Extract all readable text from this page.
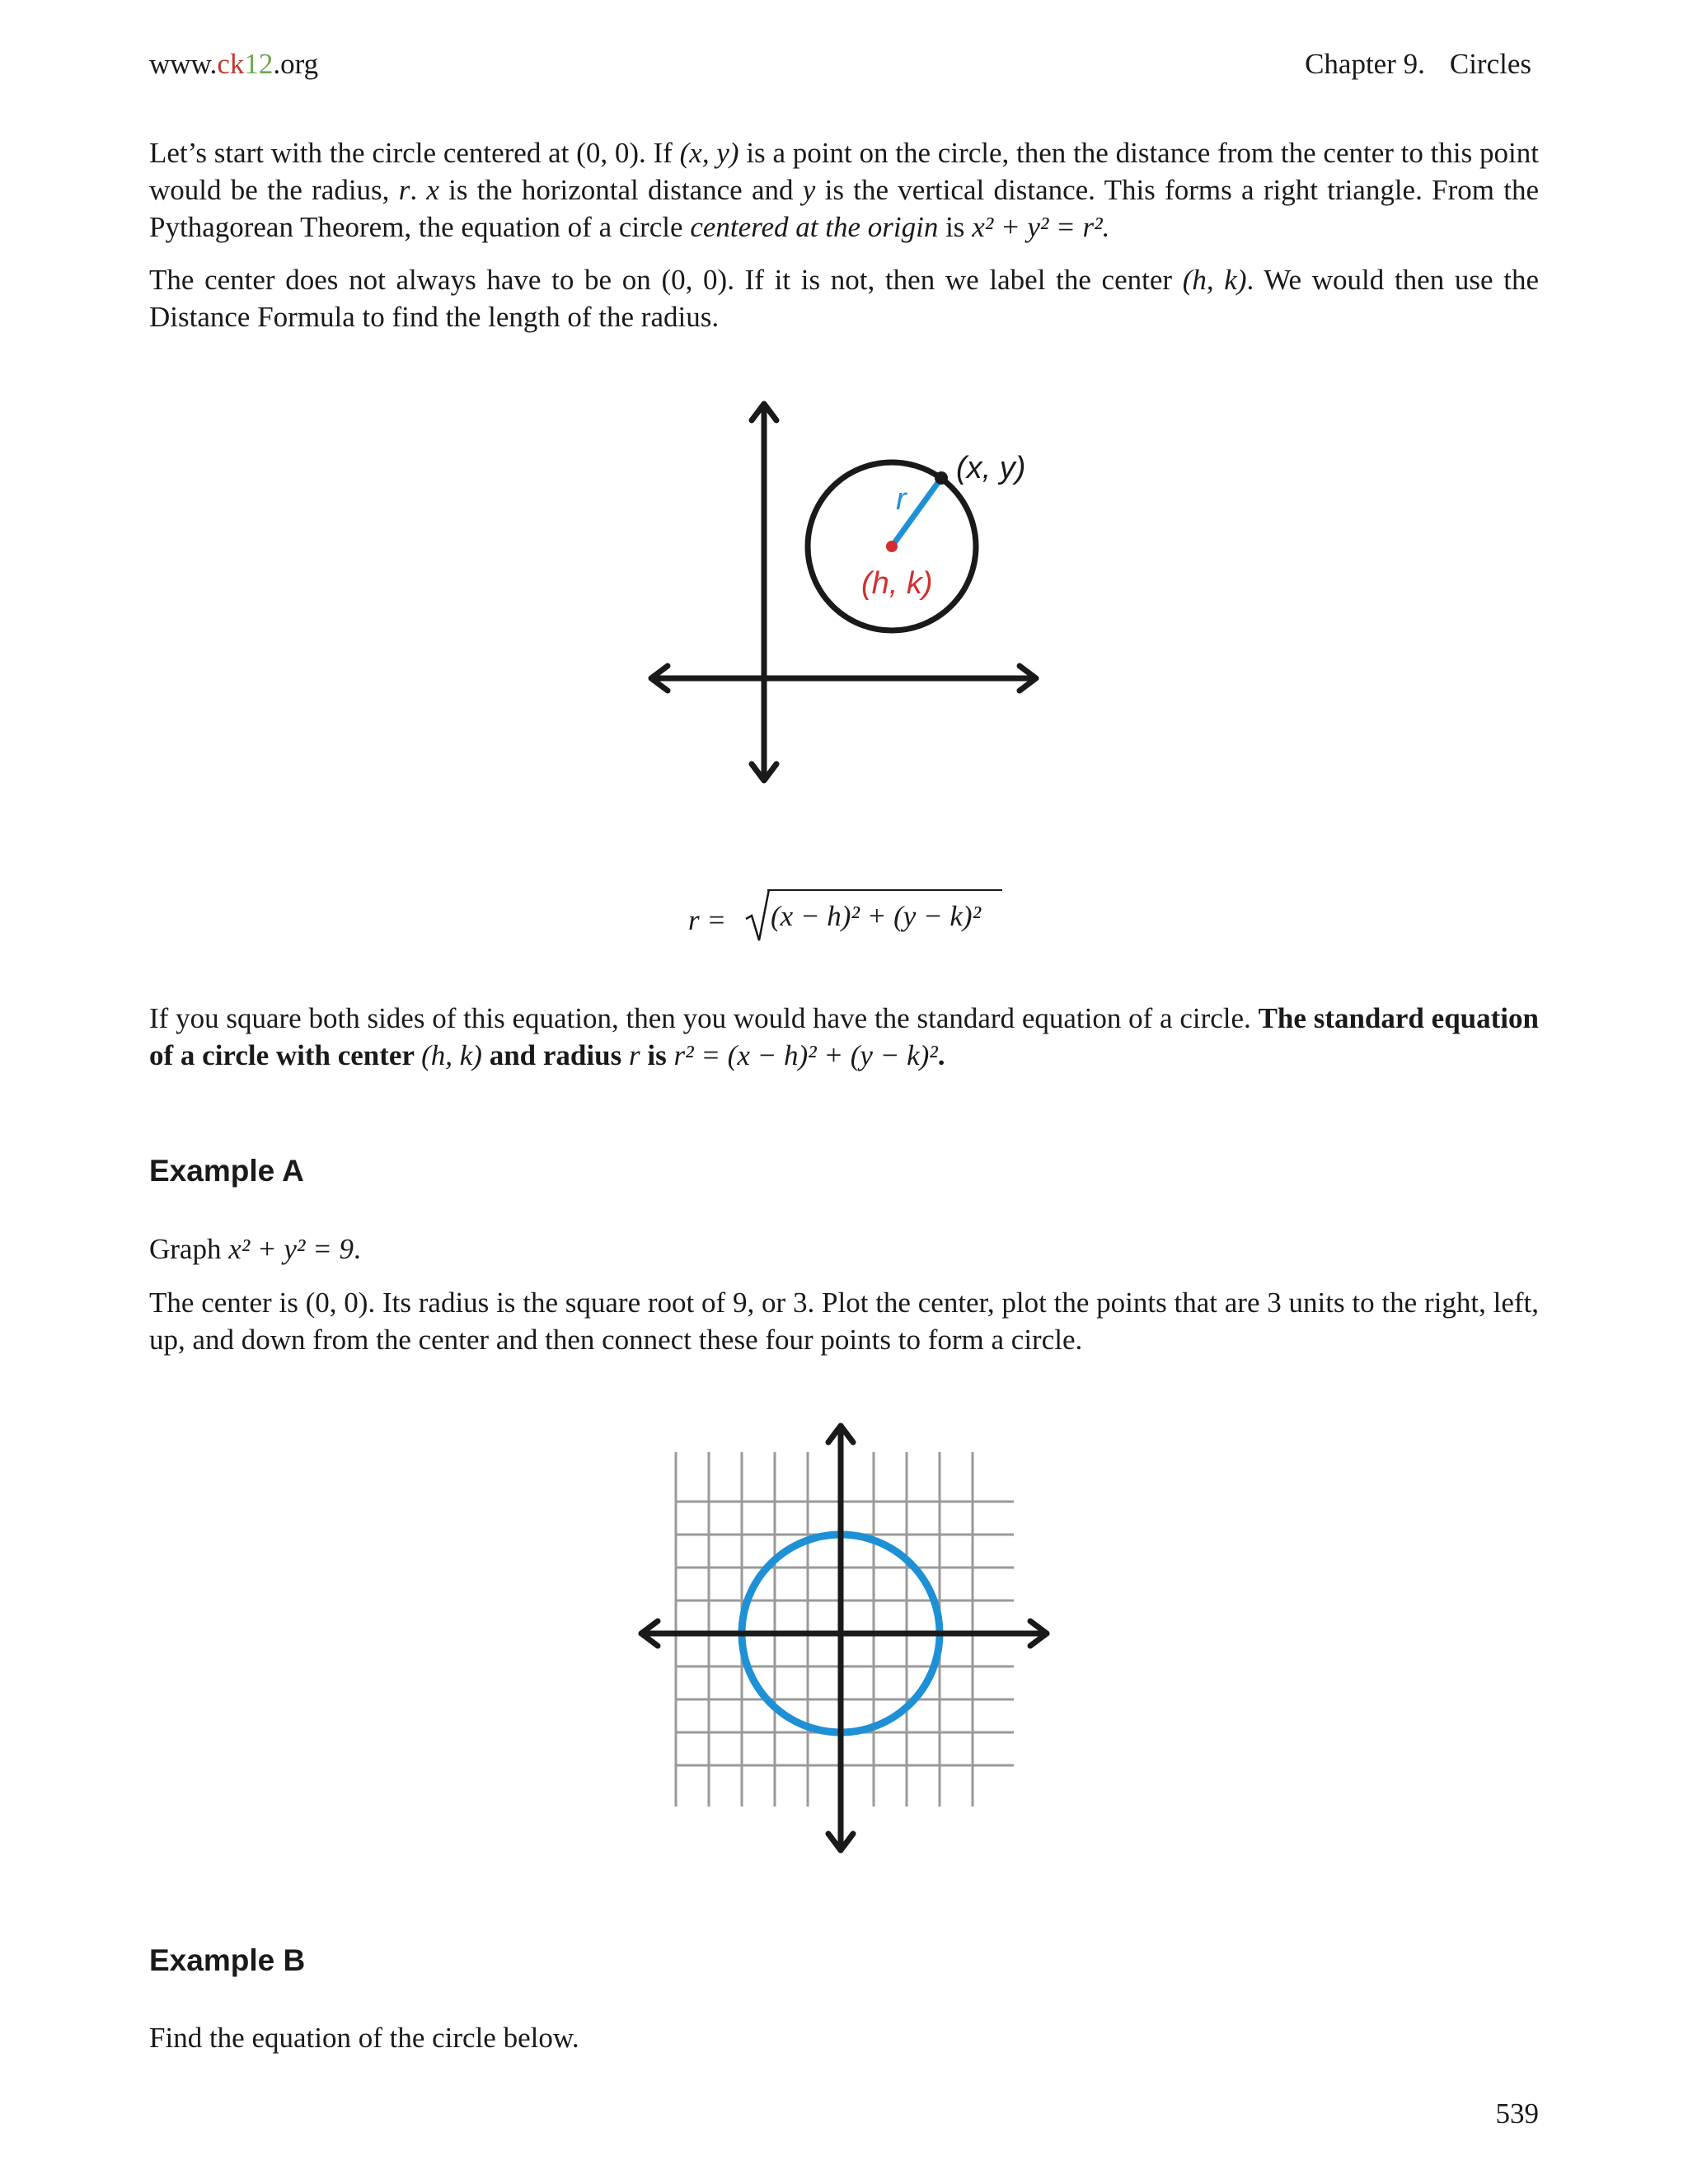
www.ck12.org	Chapter 9. Circles
Let’s start with the circle centered at (0, 0). If (x, y) is a point on the circle, then the distance from the center to this point would be the radius, r. x is the horizontal distance and y is the vertical distance. This forms a right triangle. From the Pythagorean Theorem, the equation of a circle centered at the origin is x² + y² = r².
The center does not always have to be on (0, 0). If it is not, then we label the center (h, k). We would then use the Distance Formula to find the length of the radius.
(x, y)
r
(h, k)
r = (x − h)² + (y − k)²
If you square both sides of this equation, then you would have the standard equation of a circle. The standard equation of a circle with center (h, k) and radius r is r² = (x − h)² + (y − k)².
Example A
Graph x² + y² = 9.
The center is (0, 0). Its radius is the square root of 9, or 3. Plot the center, plot the points that are 3 units to the right, left, up, and down from the center and then connect these four points to form a circle.
Example B
Find the equation of the circle below.
539
